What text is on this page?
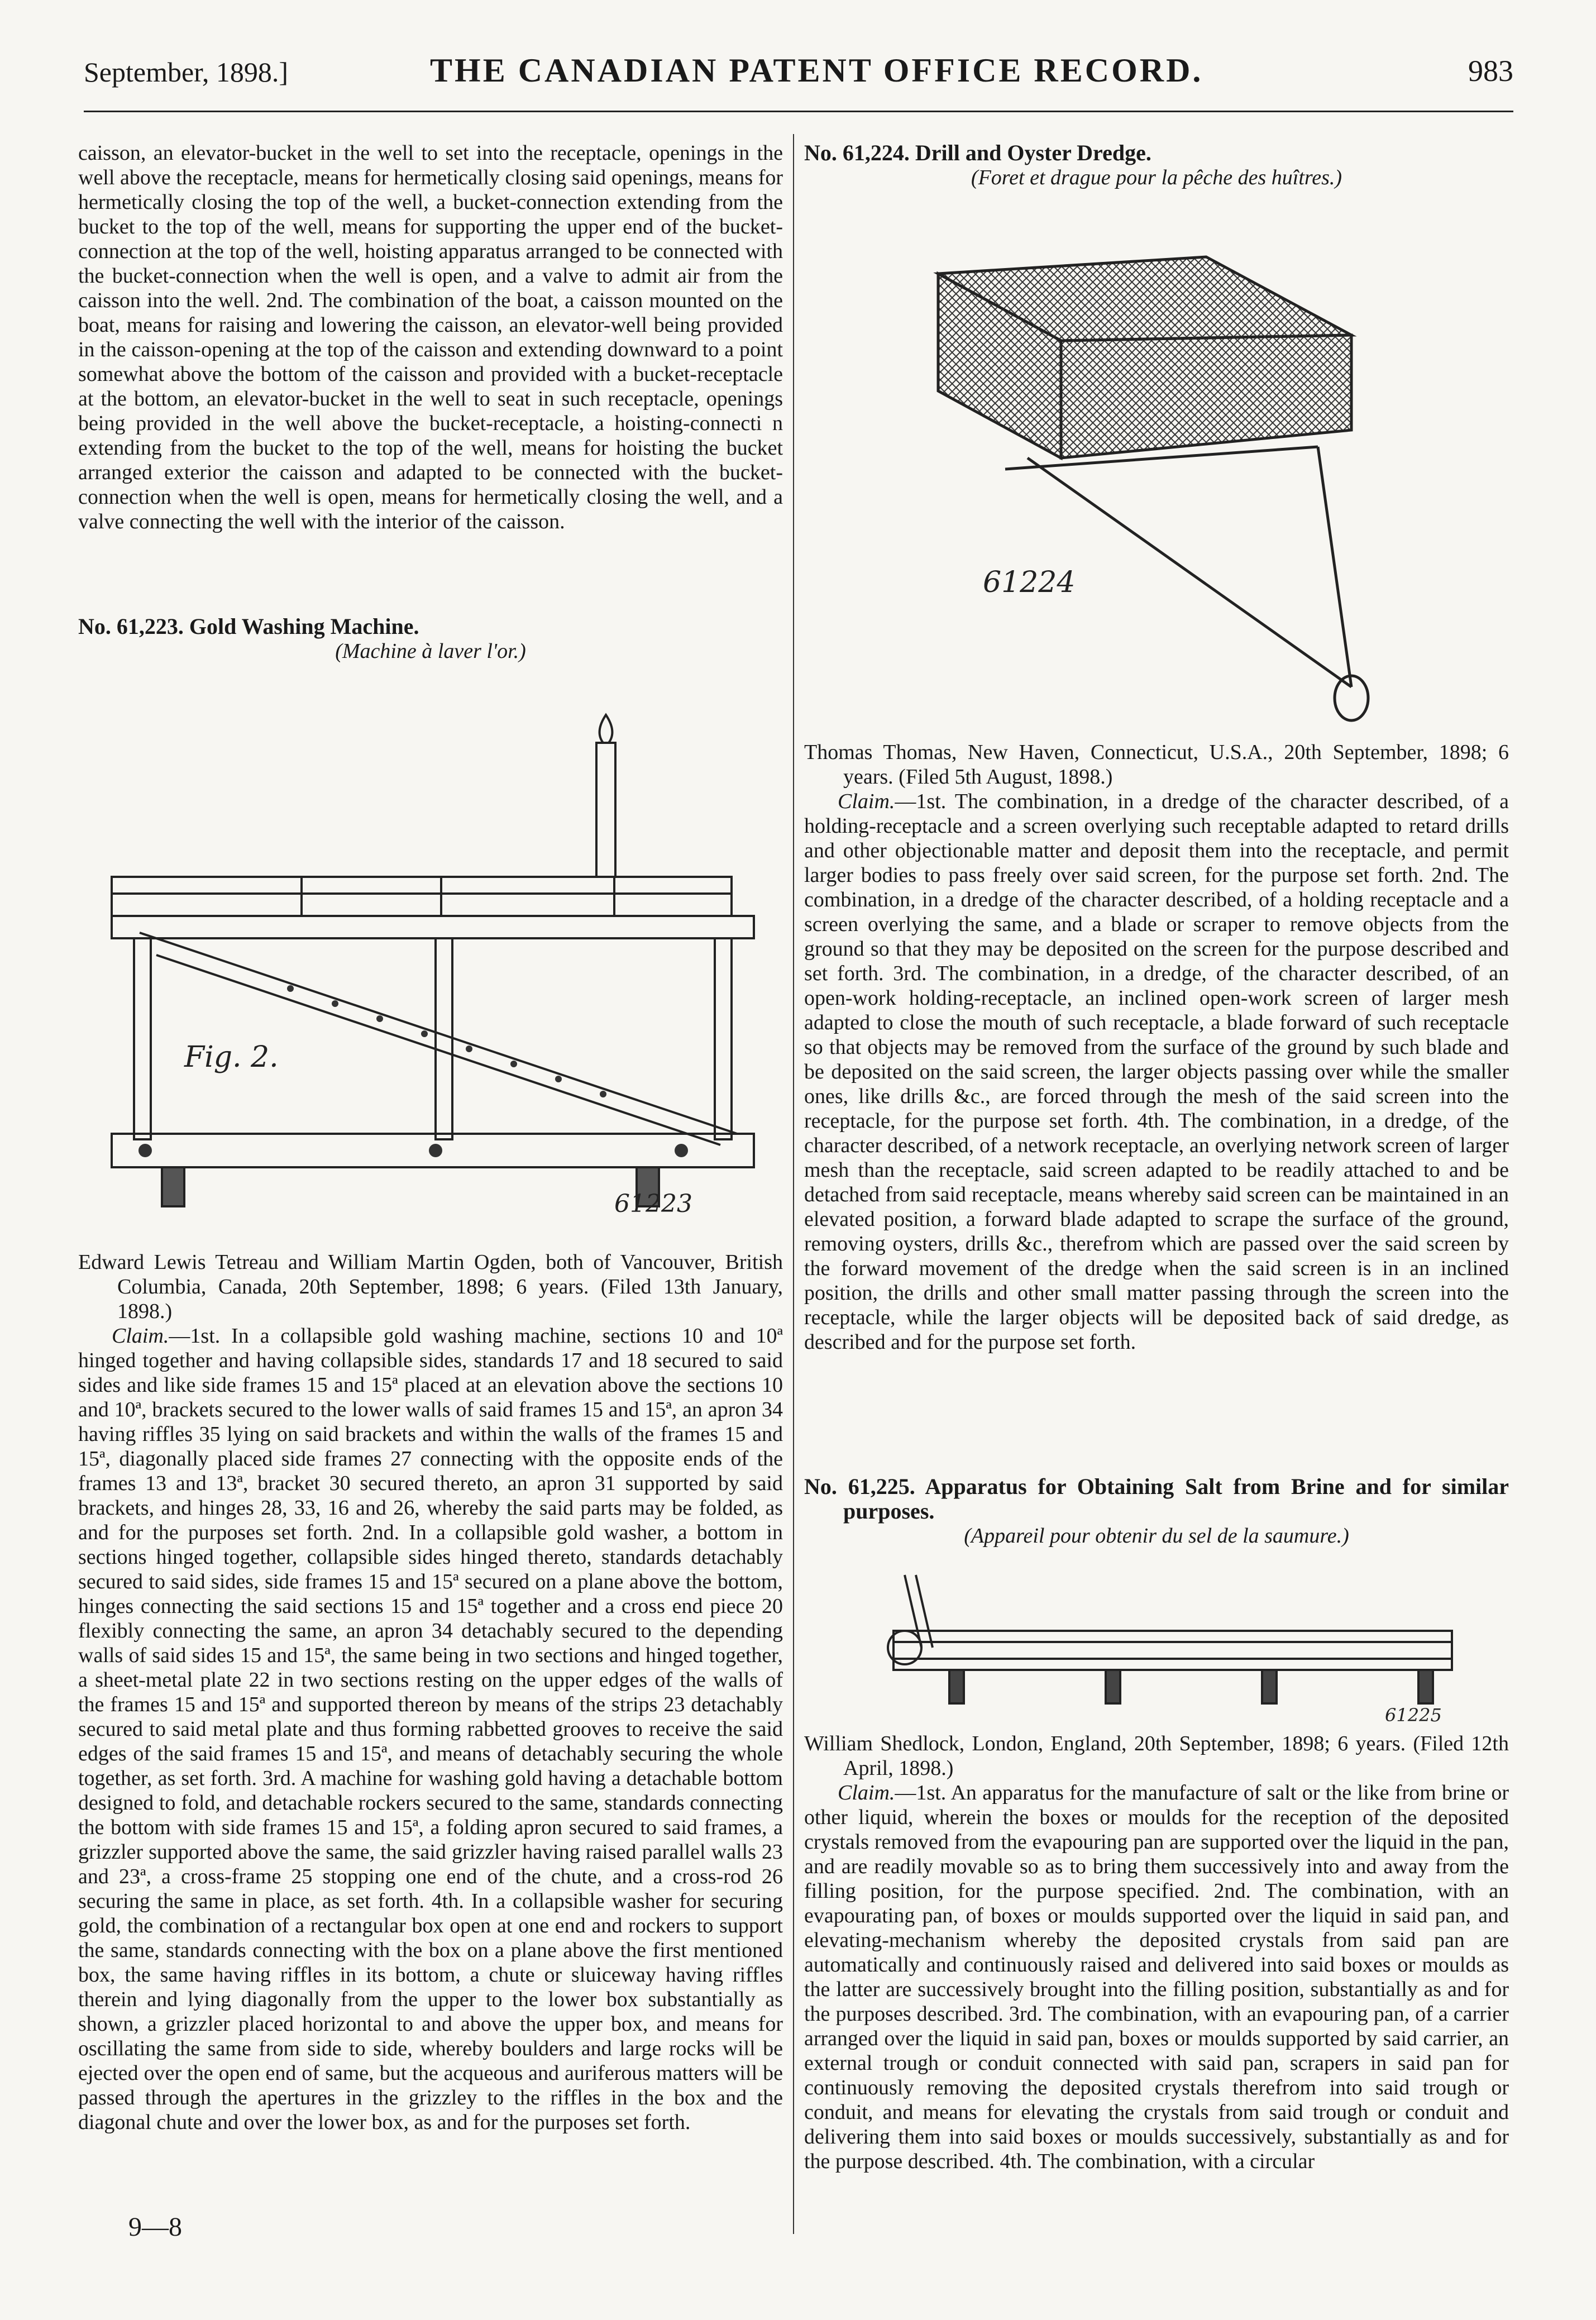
September, 1898.]	THE CANADIAN PATENT OFFICE RECORD.	983

caisson, an elevator-bucket in the well to set into the receptacle, openings in the well above the receptacle, means for hermetically closing said openings, means for hermetically closing the top of the well, a bucket-connection extending from the bucket to the top of the well, means for supporting the upper end of the bucket-connection at the top of the well, hoisting apparatus arranged to be connected with the bucket-connection when the well is open, and a valve to admit air from the caisson into the well. 2nd. The combination of the boat, a caisson mounted on the boat, means for raising and lowering the caisson, an elevator-well being provided in the caisson-opening at the top of the caisson and extending downward to a point somewhat above the bottom of the caisson and provided with a bucket-receptacle at the bottom, an elevator-bucket in the well to seat in such receptacle, openings being provided in the well above the bucket-receptacle, a hoisting-connecti n extending from the bucket to the top of the well, means for hoisting the bucket arranged exterior the caisson and adapted to be connected with the bucket-connection when the well is open, means for hermetically closing the well, and a valve connecting the well with the interior of the caisson.

No. 61,223. Gold Washing Machine.

(Machine à laver l'or.)

Fig. 2.
61223

Edward Lewis Tetreau and William Martin Ogden, both of Vancouver, British Columbia, Canada, 20th September, 1898; 6 years. (Filed 13th January, 1898.)

Claim.—1st. In a collapsible gold washing machine, sections 10 and 10ª hinged together and having collapsible sides, standards 17 and 18 secured to said sides and like side frames 15 and 15ª placed at an elevation above the sections 10 and 10ª, brackets secured to the lower walls of said frames 15 and 15ª, an apron 34 having riffles 35 lying on said brackets and within the walls of the frames 15 and 15ª, diagonally placed side frames 27 connecting with the opposite ends of the frames 13 and 13ª, bracket 30 secured thereto, an apron 31 supported by said brackets, and hinges 28, 33, 16 and 26, whereby the said parts may be folded, as and for the purposes set forth. 2nd. In a collapsible gold washer, a bottom in sections hinged together, collapsible sides hinged thereto, standards detachably secured to said sides, side frames 15 and 15ª secured on a plane above the bottom, hinges connecting the said sections 15 and 15ª together and a cross end piece 20 flexibly connecting the same, an apron 34 detachably secured to the depending walls of said sides 15 and 15ª, the same being in two sections and hinged together, a sheet-metal plate 22 in two sections resting on the upper edges of the walls of the frames 15 and 15ª and supported thereon by means of the strips 23 detachably secured to said metal plate and thus forming rabbetted grooves to receive the said edges of the said frames 15 and 15ª, and means of detachably securing the whole together, as set forth. 3rd. A machine for washing gold having a detachable bottom designed to fold, and detachable rockers secured to the same, standards connecting the bottom with side frames 15 and 15ª, a folding apron secured to said frames, a grizzler supported above the same, the said grizzler having raised parallel walls 23 and 23ª, a cross-frame 25 stopping one end of the chute, and a cross-rod 26 securing the same in place, as set forth. 4th. In a collapsible washer for securing gold, the combination of a rectangular box open at one end and rockers to support the same, standards connecting with the box on a plane above the first mentioned box, the same having riffles in its bottom, a chute or sluiceway having riffles therein and lying diagonally from the upper to the lower box substantially as shown, a grizzler placed horizontal to and above the upper box, and means for oscillating the same from side to side, whereby boulders and large rocks will be ejected over the open end of same, but the acqueous and auriferous matters will be passed through the apertures in the grizzley to the riffles in the box and the diagonal chute and over the lower box, as and for the purposes set forth.

9—8

No. 61,224. Drill and Oyster Dredge.

(Foret et drague pour la pêche des huîtres.)

61224

Thomas Thomas, New Haven, Connecticut, U.S.A., 20th September, 1898; 6 years. (Filed 5th August, 1898.)

Claim.—1st. The combination, in a dredge of the character described, of a holding-receptacle and a screen overlying such receptable adapted to retard drills and other objectionable matter and deposit them into the receptacle, and permit larger bodies to pass freely over said screen, for the purpose set forth. 2nd. The combination, in a dredge of the character described, of a holding receptacle and a screen overlying the same, and a blade or scraper to remove objects from the ground so that they may be deposited on the screen for the purpose described and set forth. 3rd. The combination, in a dredge, of the character described, of an open-work holding-receptacle, an inclined open-work screen of larger mesh adapted to close the mouth of such receptacle, a blade forward of such receptacle so that objects may be removed from the surface of the ground by such blade and be deposited on the said screen, the larger objects passing over while the smaller ones, like drills &c., are forced through the mesh of the said screen into the receptacle, for the purpose set forth. 4th. The combination, in a dredge, of the character described, of a network receptacle, an overlying network screen of larger mesh than the receptacle, said screen adapted to be readily attached to and be detached from said receptacle, means whereby said screen can be maintained in an elevated position, a forward blade adapted to scrape the surface of the ground, removing oysters, drills &c., therefrom which are passed over the said screen by the forward movement of the dredge when the said screen is in an inclined position, the drills and other small matter passing through the screen into the receptacle, while the larger objects will be deposited back of said dredge, as described and for the purpose set forth.

No. 61,225. Apparatus for Obtaining Salt from Brine and for similar purposes.

(Appareil pour obtenir du sel de la saumure.)

61225

William Shedlock, London, England, 20th September, 1898; 6 years. (Filed 12th April, 1898.)

Claim.—1st. An apparatus for the manufacture of salt or the like from brine or other liquid, wherein the boxes or moulds for the reception of the deposited crystals removed from the evapouring pan are supported over the liquid in the pan, and are readily movable so as to bring them successively into and away from the filling position, for the purpose specified. 2nd. The combination, with an evapourating pan, of boxes or moulds supported over the liquid in said pan, and elevating-mechanism whereby the deposited crystals from said pan are automatically and continuously raised and delivered into said boxes or moulds as the latter are successively brought into the filling position, substantially as and for the purposes described. 3rd. The combination, with an evapouring pan, of a carrier arranged over the liquid in said pan, boxes or moulds supported by said carrier, an external trough or conduit connected with said pan, scrapers in said pan for continuously removing the deposited crystals therefrom into said trough or conduit, and means for elevating the crystals from said trough or conduit and delivering them into said boxes or moulds successively, substantially as and for the purpose described. 4th. The combination, with a circular
